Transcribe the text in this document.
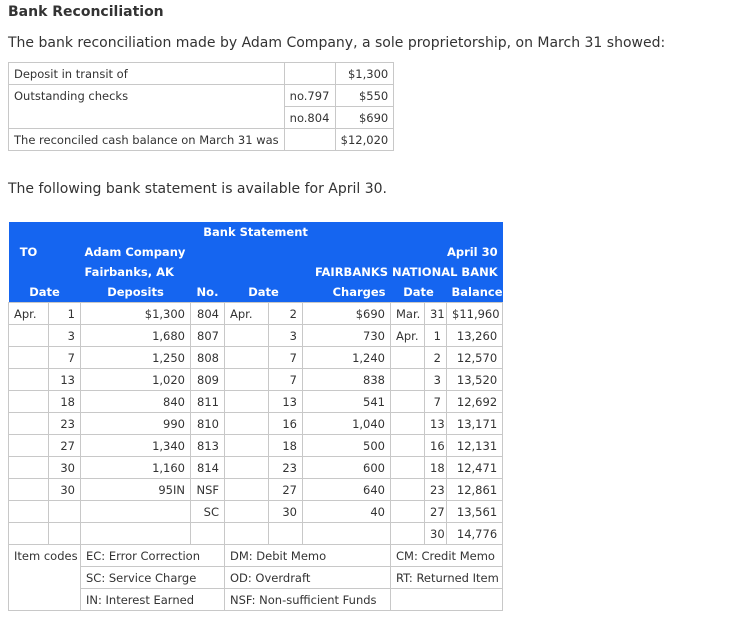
Bank Reconciliation
The bank reconciliation made by Adam Company, a sole proprietorship, on March 31 showed:
Deposit in transit of		$1,300
Outstanding checks	no.797	$550
	no.804	$690
The reconciled cash balance on March 31 was		$12,020
The following bank statement is available for April 30.
Bank Statement									
TO	Adam Company			April 30					
	Fairbanks, AK			FAIRBANKS NATIONAL BANK					
Date		Deposits	No.	Date		Charges	Date		Balance
Apr.	1	$1,300	804	Apr.	2	$690	Mar.	31	$11,960
	3	1,680	807		3	730	Apr.	1	13,260
	7	1,250	808		7	1,240		2	12,570
	13	1,020	809		7	838		3	13,520
	18	840	811		13	541		7	12,692
	23	990	810		16	1,040		13	13,171
	27	1,340	813		18	500		16	12,131
	30	1,160	814		23	600		18	12,471
	30	95IN	NSF		27	640		23	12,861
			SC		30	40		27	13,561
								30	14,776
Item codes		EC: Error Correction		DM: Debit Memo			CM: Credit Memo		
		SC: Service Charge		OD: Overdraft			RT: Returned Item		
		IN: Interest Earned		NSF: Non-sufficient Funds					
